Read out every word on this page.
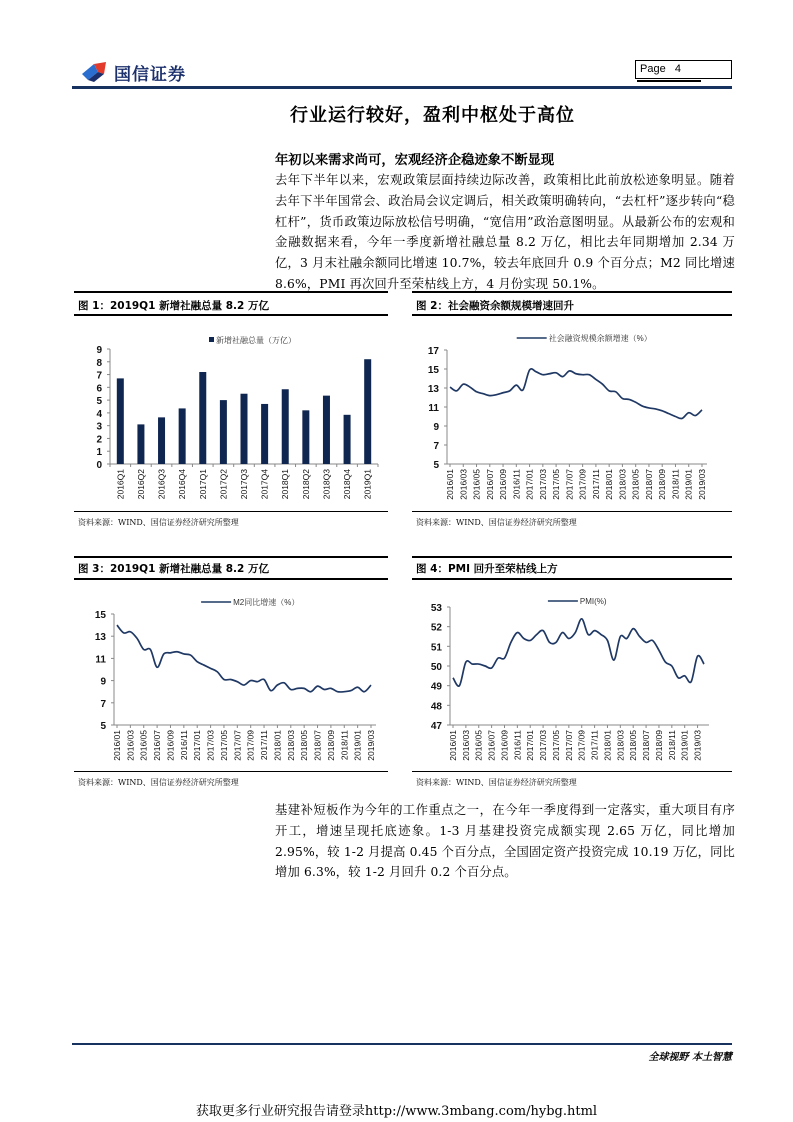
国信证券	Page 4
行业运行较好，盈利中枢处于高位
年初以来需求尚可，宏观经济企稳迹象不断显现
去年下半年以来，宏观政策层面持续边际改善，政策相比此前放松迹象明显。随着去年下半年国常会、政治局会议定调后，相关政策明确转向，“去杠杆”逐步转向“稳杠杆”，货币政策边际放松信号明确，“宽信用”政治意图明显。从最新公布的宏观和金融数据来看，今年一季度新增社融总量 8.2 万亿，相比去年同期增加 2.34 万亿，3 月末社融余额同比增速 10.7%，较去年底回升 0.9 个百分点；M2 同比增速 8.6%，PMI 再次回升至荣枯线上方，4 月份实现 50.1%。
图 1：2019Q1 新增社融总量 8.2 万亿
0
1
2
3
4
5
6
7
8
9
2016Q1 2016Q2 2016Q3 2016Q4 2017Q1 2017Q2 2017Q3 2017Q4 2018Q1 2018Q2 2018Q3 2018Q4 2019Q1
新增社融总量（万亿）
资料来源：WIND、国信证券经济研究所整理
图 2：社会融资余额规模增速回升
5
7
9
11
13
15
17
2016/01 2016/03 2016/05 2016/07 2016/09 2016/11 2017/01 2017/03 2017/05 2017/07 2017/09 2017/11 2018/01 2018/03 2018/05 2018/07 2018/09 2018/11 2019/01 2019/03
社会融资规模余额增速（%）
资料来源：WIND、国信证券经济研究所整理
图 3：2019Q1 新增社融总量 8.2 万亿
5
7
9
11
13
15
2016/01 2016/03 2016/05 2016/07 2016/09 2016/11 2017/01 2017/03 2017/05 2017/07 2017/09 2017/11 2018/01 2018/03 2018/05 2018/07 2018/09 2018/11 2019/01 2019/03
M2同比增速（%）
资料来源：WIND、国信证券经济研究所整理
图 4：PMI 回升至荣枯线上方
47
48
49
50
51
52
53
2016/01 2016/03 2016/05 2016/07 2016/09 2016/11 2017/01 2017/03 2017/05 2017/07 2017/09 2017/11 2018/01 2018/03 2018/05 2018/07 2018/09 2018/11 2019/01 2019/03
PMI(%)
资料来源：WIND、国信证券经济研究所整理
基建补短板作为今年的工作重点之一，在今年一季度得到一定落实，重大项目有序开工，增速呈现托底迹象。1-3 月基建投资完成额实现 2.65 万亿，同比增加 2.95%，较 1-2 月提高 0.45 个百分点，全国固定资产投资完成 10.19 万亿，同比增加 6.3%，较 1-2 月回升 0.2 个百分点。
全球视野 本土智慧
获取更多行业研究报告请登录http://www.3mbang.com/hybg.html
